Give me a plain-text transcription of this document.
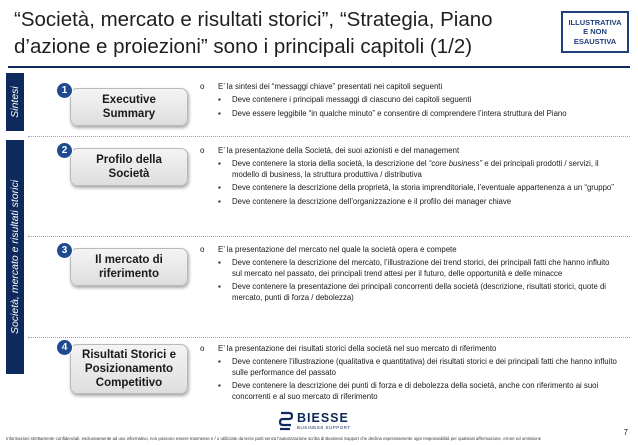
“Società, mercato e risultati storici”, “Strategia, Piano
d’azione e proiezioni” sono i principali capitoli (1/2)
ILLUSTRATIVA
E NON
ESAUSTIVA
Sintesi
Società, mercato e risultati storici
1
Executive
Summary
o E’ la sintesi dei “messaggi chiave” presentati nei capitoli seguenti
▪ Deve contenere i principali messaggi di ciascuno dei capitoli seguenti
▪ Deve essere leggibile “in qualche minuto” e consentire di comprendere l’intera struttura del Piano
2
Profilo della
Società
o E’ la presentazione della Società, dei suoi azionisti e del management
▪ Deve contenere la storia della società, la descrizione del “core business” e dei principali prodotti / servizi, il modello di business, la struttura produttiva / distributiva
▪ Deve contenere la descrizione della proprietà, la storia imprenditoriale, l’eventuale appartenenza a un “gruppo”
▪ Deve contenere la descrizione dell’organizzazione e il profilo dei manager chiave
3
Il mercato di
riferimento
o E’ la presentazione del mercato nel quale la società opera e compete
▪ Deve contenere la descrizione del mercato, l’illustrazione dei trend storici, dei principali fatti che hanno influito sul mercato nel passato, dei principali trend attesi per il futuro, delle opportunità e delle minacce
▪ Deve contenere la presentazione dei principali concorrenti della società (descrizione, risultati storici, quote di mercato, punti di forza / debolezza)
4
Risultati Storici e
Posizionamento
Competitivo
o E’ la presentazione dei risultati storici della società nel suo mercato di riferimento
▪ Deve contenere l’illustrazione (qualitativa e quantitativa) dei risultati storici e dei principali fatti che hanno influito sulle performance del passato
▪ Deve contenere la descrizione dei punti di forza e di debolezza della società, anche con riferimento ai suoi concorrenti e al suo mercato di riferimento
BIESSE
BUSINESS SUPPORT
Informazioni strettamente confidenziali, esclusivamente ad uso informativo, non possono essere trasmesse e / o utilizzate da terze parti senza l’autorizzazione scritta di Business Support che declina espressamente ogni responsabilità per qualsiasi affermazione, errore ed omissione
7
